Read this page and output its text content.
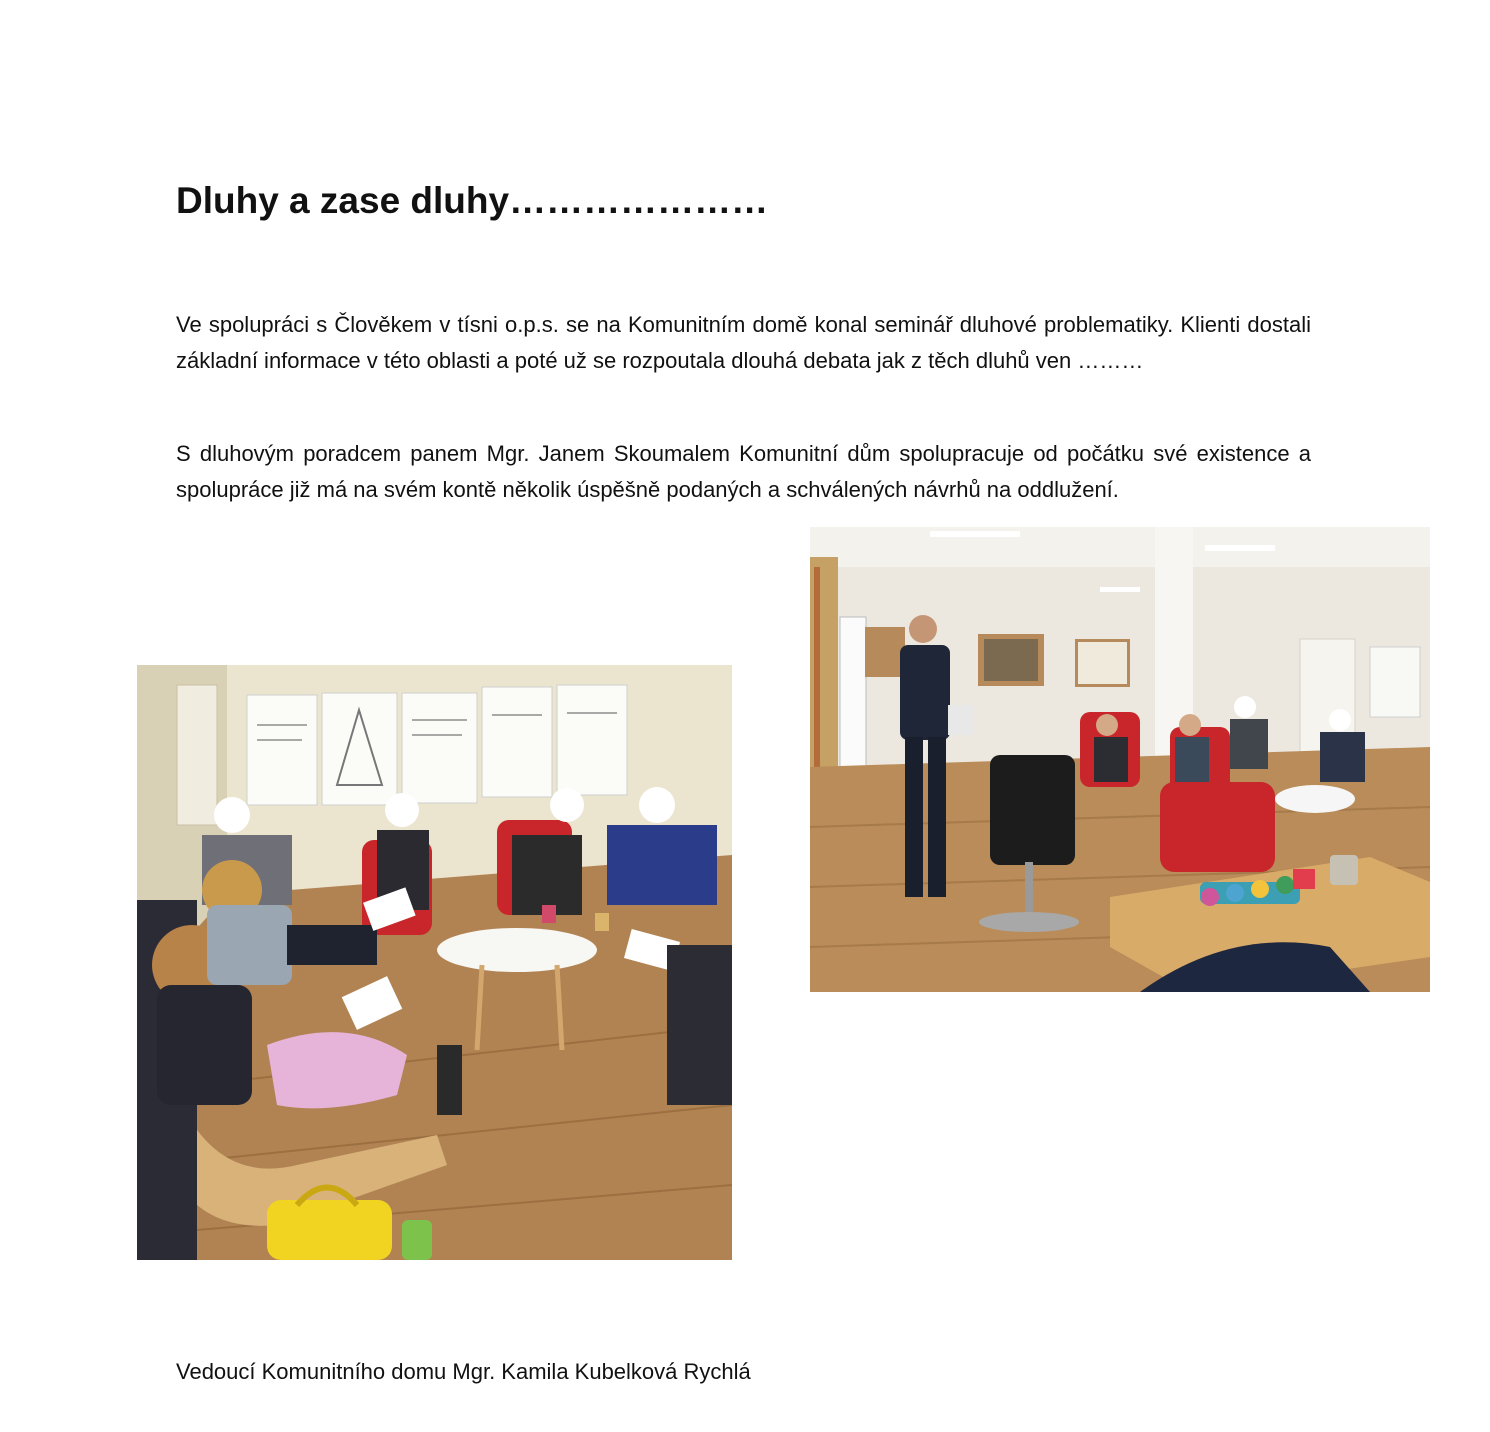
Dluhy a zase dluhy…………………

Ve spolupráci s Člověkem v tísni o.p.s. se na Komunitním domě konal seminář dluhové problematiky. Klienti dostali základní informace v této oblasti a poté už se rozpoutala dlouhá debata jak z těch dluhů ven ………

S dluhovým poradcem panem Mgr. Janem Skoumalem Komunitní dům spolupracuje od počátku své existence a spolupráce již má na svém kontě několik úspěšně podaných a schválených návrhů na oddlužení.

Vedoucí Komunitního domu Mgr. Kamila Kubelková Rychlá
